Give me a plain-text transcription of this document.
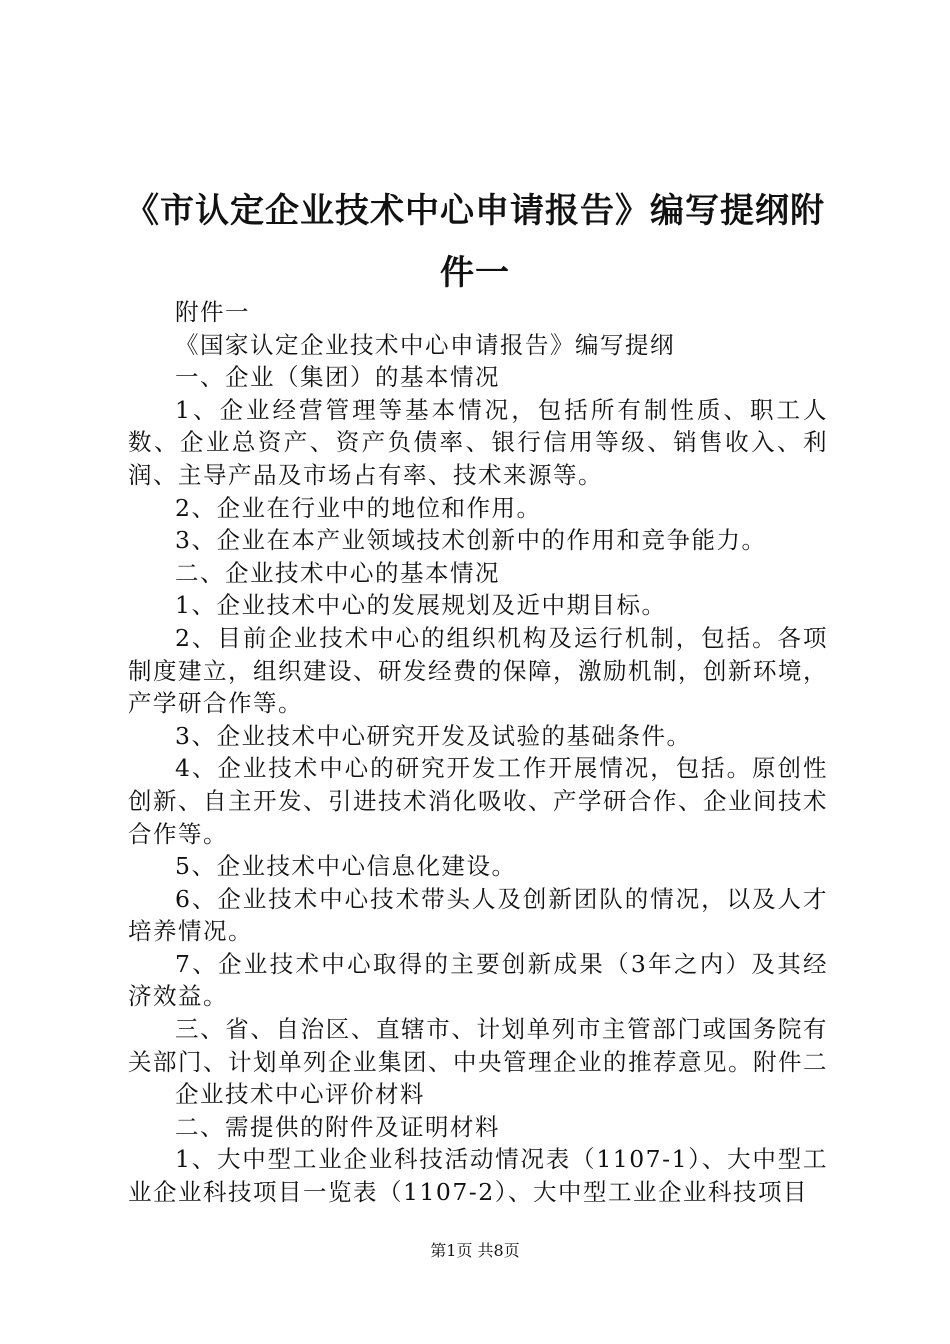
《市认定企业技术中心申请报告》编写提纲附件一

附件一

《国家认定企业技术中心申请报告》编写提纲

一、企业（集团）的基本情况

1、企业经营管理等基本情况，包括所有制性质、职工人数、企业总资产、资产负债率、银行信用等级、销售收入、利润、主导产品及市场占有率、技术来源等。

2、企业在行业中的地位和作用。

3、企业在本产业领域技术创新中的作用和竞争能力。

二、企业技术中心的基本情况

1、企业技术中心的发展规划及近中期目标。

2、目前企业技术中心的组织机构及运行机制，包括。各项制度建立，组织建设、研发经费的保障，激励机制，创新环境，产学研合作等。

3、企业技术中心研究开发及试验的基础条件。

4、企业技术中心的研究开发工作开展情况，包括。原创性创新、自主开发、引进技术消化吸收、产学研合作、企业间技术合作等。

5、企业技术中心信息化建设。

6、企业技术中心技术带头人及创新团队的情况，以及人才培养情况。

7、企业技术中心取得的主要创新成果（3年之内）及其经济效益。

三、省、自治区、直辖市、计划单列市主管部门或国务院有关部门、计划单列企业集团、中央管理企业的推荐意见。附件二

企业技术中心评价材料

二、需提供的附件及证明材料

1、大中型工业企业科技活动情况表（1107-1）、大中型工业企业科技项目一览表（1107-2）、大中型工业企业科技项目

第1页 共8页
